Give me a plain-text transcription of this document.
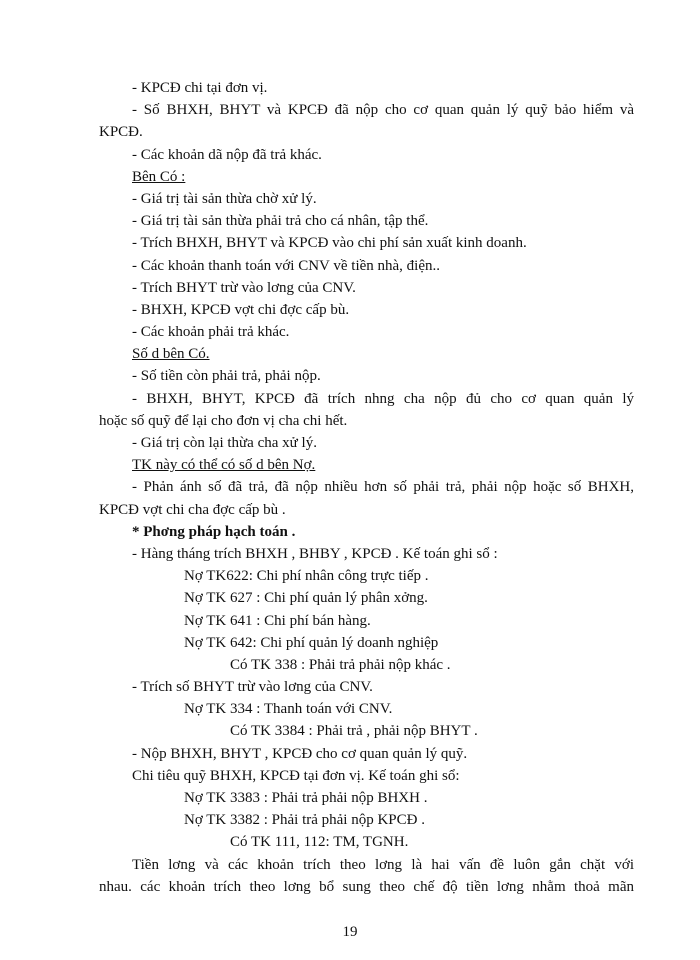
- KPCĐ chi tại đơn vị.
- Số BHXH, BHYT và KPCĐ đã nộp cho cơ quan quản lý quỹ bảo hiểm và
KPCĐ.
- Các khoản dã nộp đã trả khác.
Bên Có :
- Giá trị tài sản thừa chờ xử lý.
- Giá trị tài sản thừa phải trả cho cá nhân, tập thể.
- Trích BHXH, BHYT và KPCĐ vào chi phí sản xuất kinh doanh.
- Các khoản thanh toán với CNV về tiền nhà, điện..
- Trích BHYT trừ vào lơng của CNV.
- BHXH, KPCĐ vợt chi đợc cấp bù.
- Các khoản phải trả khác.
Số d bên Có.
- Số tiền còn phải trả, phải nộp.
- BHXH, BHYT, KPCĐ đã trích nhng cha nộp đủ cho cơ quan quản lý
hoặc số quỹ để lại cho đơn vị cha chi hết.
- Giá trị còn lại thừa cha xử lý.
TK này có thể có số d bên Nợ.
- Phản ánh số đã trả, đã nộp nhiều hơn số phải trả, phải nộp hoặc số BHXH,
KPCĐ vợt chi cha đợc cấp bù .
* Phơng pháp hạch toán .
- Hàng tháng trích BHXH , BHBY , KPCĐ . Kế toán ghi sổ :
Nợ TK622: Chi phí nhân công trực tiếp .
Nợ TK 627 : Chi phí quản lý phân xởng.
Nợ TK 641 : Chi phí bán hàng.
Nợ TK 642: Chi phí quản lý doanh nghiệp
Có TK 338 : Phải trả phải nộp khác .
- Trích số BHYT trừ vào lơng của CNV.
Nợ TK 334 : Thanh toán với CNV.
Có TK 3384 : Phải trả , phải nộp BHYT .
- Nộp BHXH, BHYT , KPCĐ cho cơ quan quản lý quỹ.
Chi tiêu quỹ BHXH, KPCĐ tại đơn vị. Kế toán ghi sổ:
Nợ TK 3383 : Phải trả phải nộp BHXH .
Nợ TK 3382 : Phải trả phải nộp KPCĐ .
Có TK 111, 112: TM, TGNH.
Tiền lơng và các khoản trích theo lơng là hai vấn đề luôn gắn chặt với
nhau. các khoản trích theo lơng bổ sung theo chế độ tiền lơng nhằm thoả mãn
19
